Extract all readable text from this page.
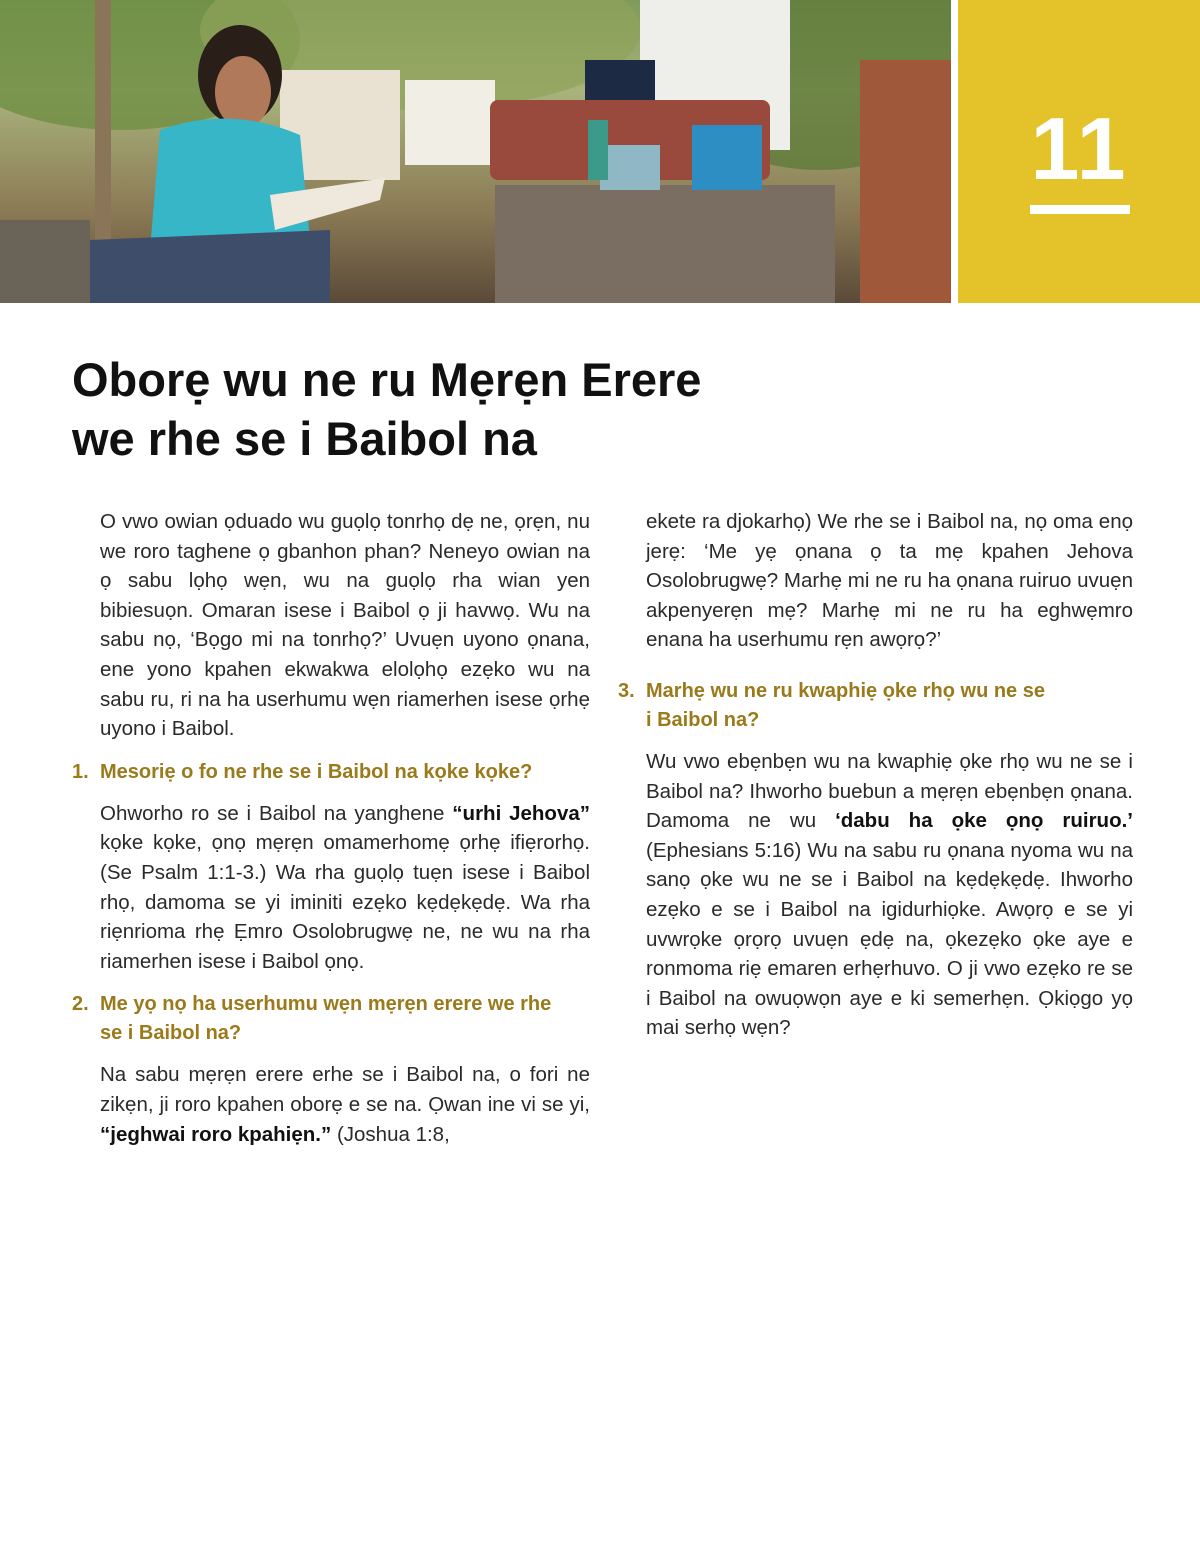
11
Oborẹ wu ne ru Mẹrẹn Erere
we rhe se i Baibol na

O vwo owian ọduado wu guọlọ tonrhọ dẹ ne, ọrẹn, nu we roro taghene ọ gbanhon phan? Neneyo owian na ọ sabu lọhọ wẹn, wu na guọlọ rha wian yen bibiesuọn. Omaran isese i Baibol ọ ji havwọ. Wu na sabu nọ, ‘Bọgo mi na tonrhọ?’ Uvuẹn uyono ọnana, ene yono kpahen ekwakwa elolọhọ ezẹko wu na sabu ru, ri na ha userhumu wẹn riamerhen isese ọrhẹ uyono i Baibol.

1. Mesoriẹ o fo ne rhe se i Baibol na kọke kọke?

Ohworho ro se i Baibol na yanghene “urhi Jehova” kọke kọke, ọnọ mẹrẹn omamerhomẹ ọrhẹ ifiẹrorhọ. (Se Psalm 1:1-3.) Wa rha guọlọ tuẹn isese i Baibol rhọ, damoma se yi iminiti ezẹko kẹdẹkẹdẹ. Wa rha riẹnrioma rhẹ Ẹmro Osolobrugwẹ ne, ne wu na rha riamerhen isese i Baibol ọnọ.

2. Me yọ nọ ha userhumu wẹn mẹrẹn erere we rhe se i Baibol na?

Na sabu mẹrẹn erere erhe se i Baibol na, o fori ne zikẹn, ji roro kpahen oborẹ e se na. Ọwan ine vi se yi, “jeghwai roro kpahiẹn.” (Joshua 1:8,

ekete ra djokarhọ) We rhe se i Baibol na, nọ oma enọ jerẹ: ‘Me yẹ ọnana ọ ta mẹ kpahen Jehova Osolobrugwẹ? Marhẹ mi ne ru ha ọnana ruiruo uvuẹn akpenyerẹn mẹ? Marhẹ mi ne ru ha eghwẹmro enana ha userhumu rẹn awọrọ?’

3. Marhẹ wu ne ru kwaphiẹ ọke rhọ wu ne se i Baibol na?

Wu vwo ebẹnbẹn wu na kwaphiẹ ọke rhọ wu ne se i Baibol na? Ihworho buebun a mẹrẹn ebẹnbẹn ọnana. Damoma ne wu ‘dabu ha ọke ọnọ ruiruo.’ (Ephesians 5:16) Wu na sabu ru ọnana nyoma wu na sanọ ọke wu ne se i Baibol na kẹdẹkẹdẹ. Ihworho ezẹko e se i Baibol na igidurhiọke. Awọrọ e se yi uvwrọke ọrọrọ uvuẹn ẹdẹ na, ọkezẹko ọke aye e ronmoma riẹ emaren erhẹrhuvo. O ji vwo ezẹko re se i Baibol na owuọwọn aye e ki semerhẹn. Ọkiọgo yọ mai serhọ wẹn?
